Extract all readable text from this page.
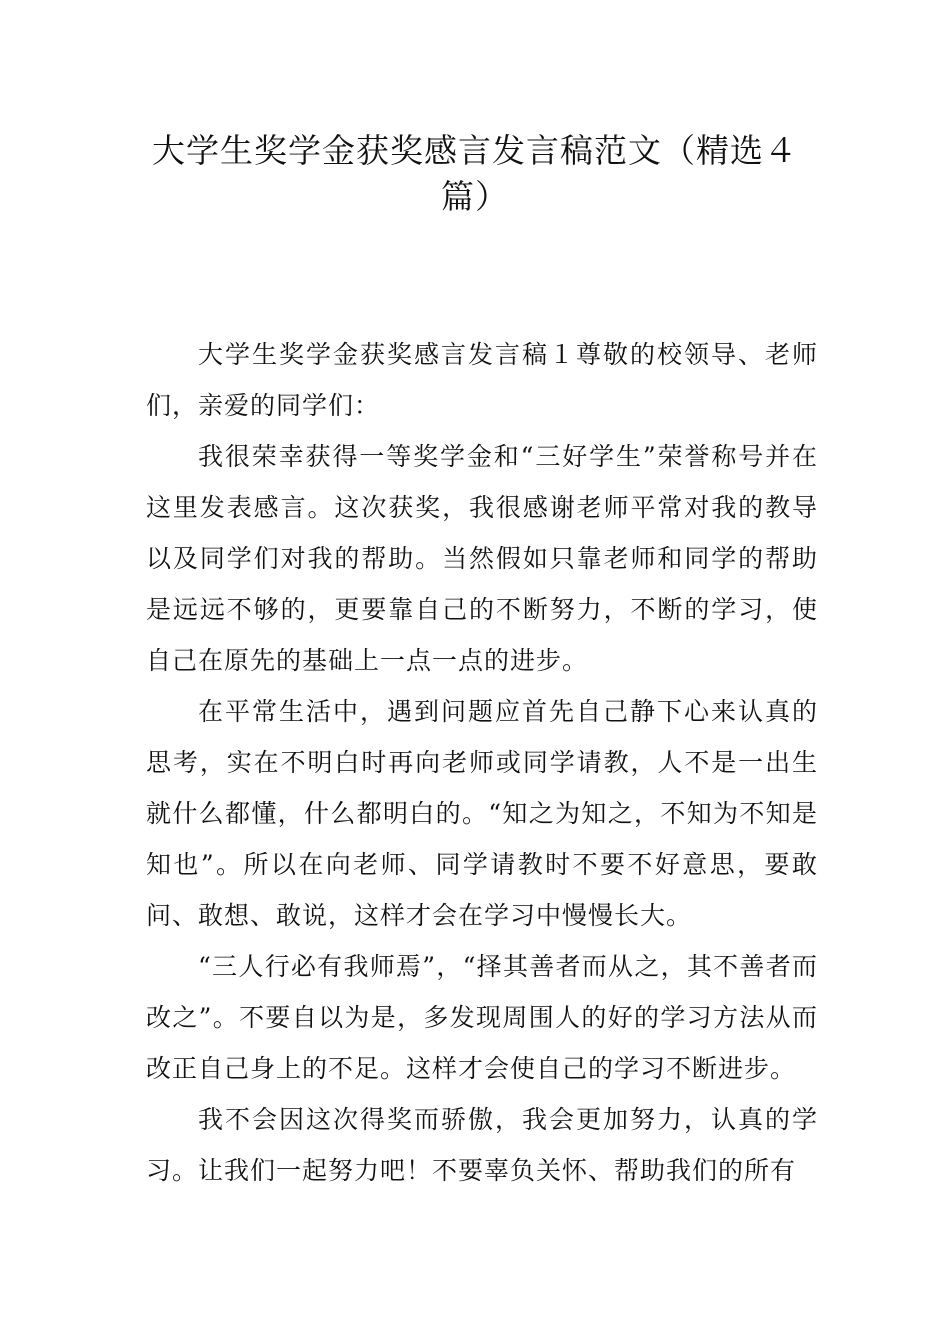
大学生奖学金获奖感言发言稿范文（精选４
篇）

大学生奖学金获奖感言发言稿１尊敬的校领导、老师们，亲爱的同学们：

我很荣幸获得一等奖学金和“三好学生”荣誉称号并在这里发表感言。这次获奖，我很感谢老师平常对我的教导以及同学们对我的帮助。当然假如只靠老师和同学的帮助是远远不够的，更要靠自己的不断努力，不断的学习，使自己在原先的基础上一点一点的进步。

在平常生活中，遇到问题应首先自己静下心来认真的思考，实在不明白时再向老师或同学请教，人不是一出生就什么都懂，什么都明白的。“知之为知之，不知为不知是知也”。所以在向老师、同学请教时不要不好意思，要敢问、敢想、敢说，这样才会在学习中慢慢长大。

“三人行必有我师焉”，“择其善者而从之，其不善者而改之”。不要自以为是，多发现周围人的好的学习方法从而改正自己身上的不足。这样才会使自己的学习不断进步。

我不会因这次得奖而骄傲，我会更加努力，认真的学习。让我们一起努力吧！不要辜负关怀、帮助我们的所有
